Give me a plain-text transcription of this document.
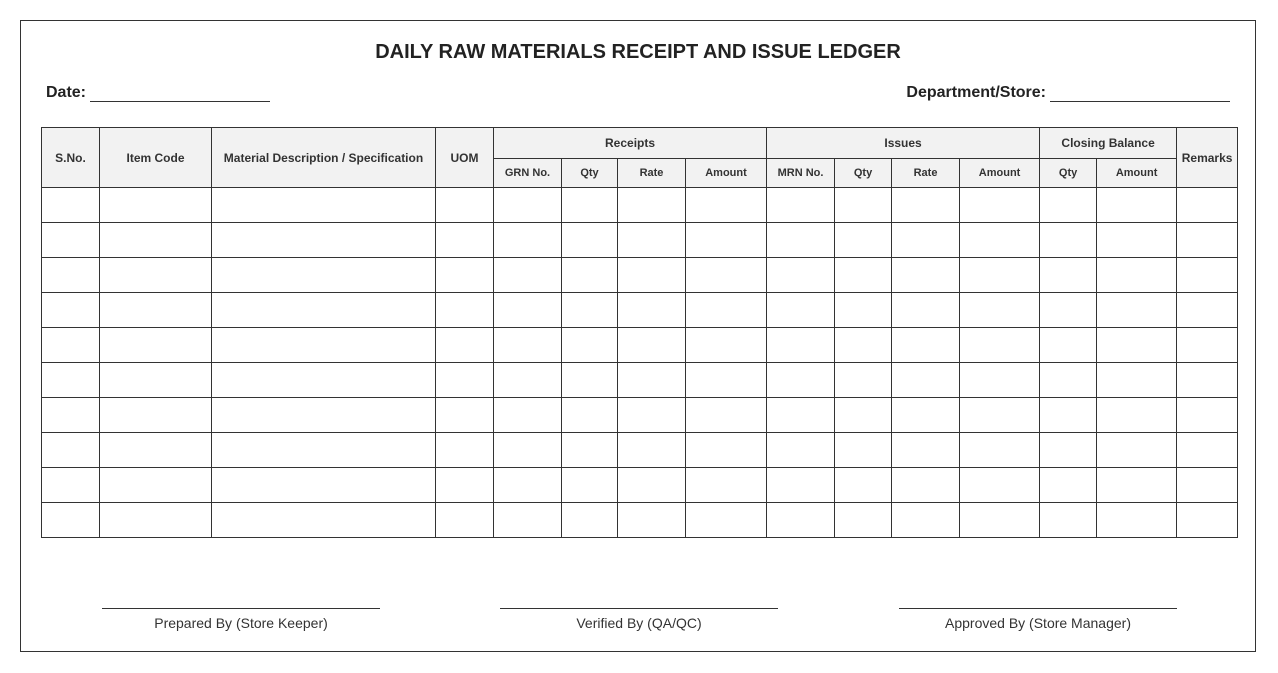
DAILY RAW MATERIALS RECEIPT AND ISSUE LEDGER
Date:	Department/Store:
S.No.	Item Code	Material Description / Specification	UOM	Receipts				Issues				Closing Balance		Remarks
				GRN No.	Qty	Rate	Amount	MRN No.	Qty	Rate	Amount	Qty	Amount	

Prepared By (Store Keeper)	Verified By (QA/QC)	Approved By (Store Manager)
